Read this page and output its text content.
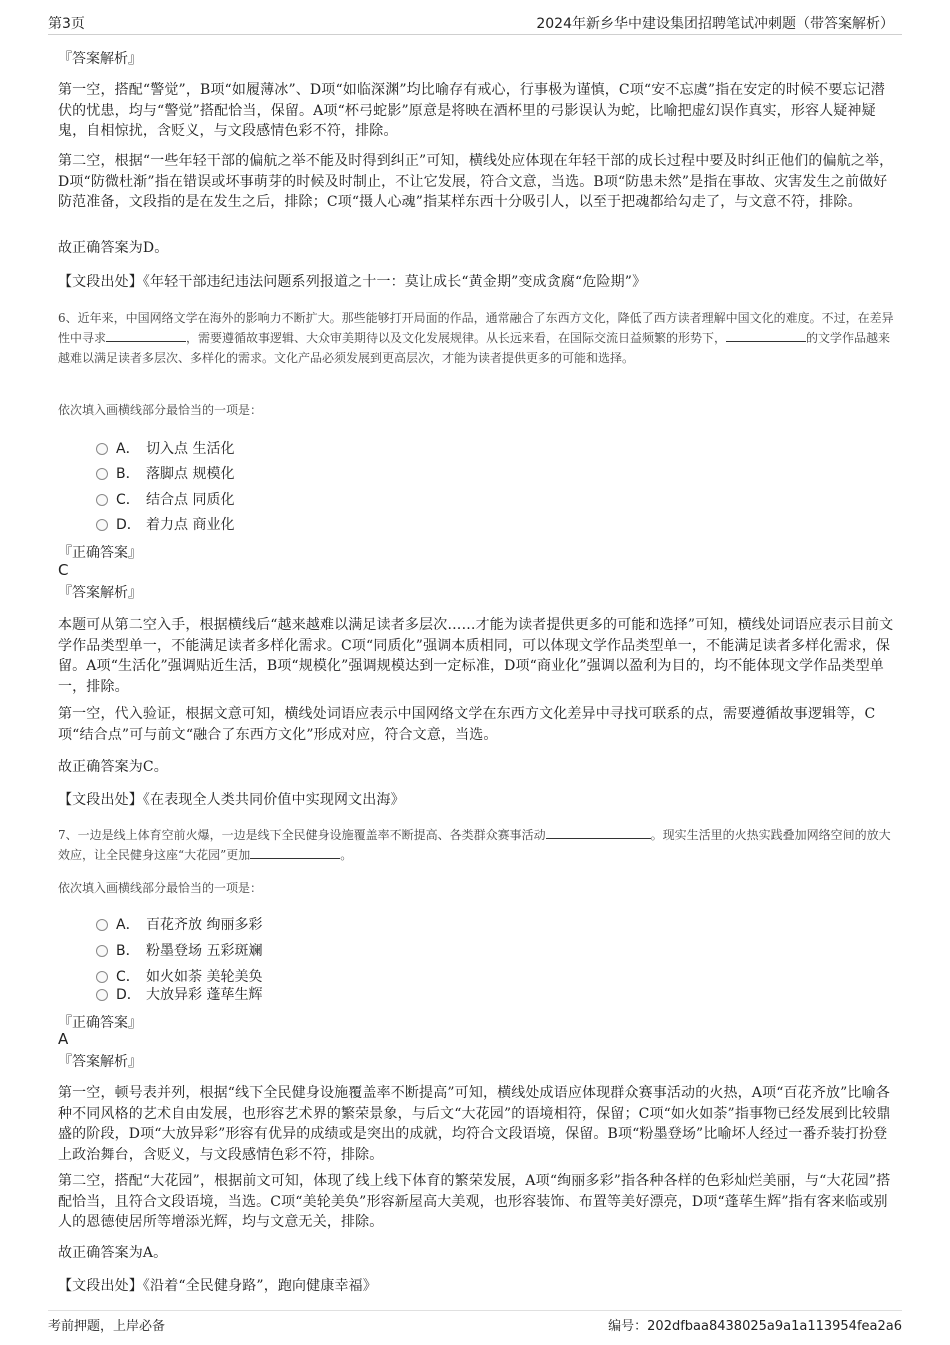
第3页	2024年新乡华中建设集团招聘笔试冲刺题（带答案解析）
『答案解析』
第一空，搭配“警觉”，B项“如履薄冰”、D项“如临深渊”均比喻存有戒心，行事极为谨慎，C项“安不忘虞”指在安定的时候不要忘记潜伏的忧患，均与“警觉”搭配恰当，保留。A项“杯弓蛇影”原意是将映在酒杯里的弓影误认为蛇，比喻把虚幻误作真实，形容人疑神疑鬼，自相惊扰，含贬义，与文段感情色彩不符，排除。
第二空，根据“一些年轻干部的偏航之举不能及时得到纠正”可知，横线处应体现在年轻干部的成长过程中要及时纠正他们的偏航之举，D项“防微杜渐”指在错误或坏事萌芽的时候及时制止，不让它发展，符合文意，当选。B项“防患未然”是指在事故、灾害发生之前做好防范准备，文段指的是在发生之后，排除；C项“摄人心魂”指某样东西十分吸引人，以至于把魂都给勾走了，与文意不符，排除。
故正确答案为D。
【文段出处】《年轻干部违纪违法问题系列报道之十一：莫让成长“黄金期”变成贪腐“危险期”》
6、近年来，中国网络文学在海外的影响力不断扩大。那些能够打开局面的作品，通常融合了东西方文化，降低了西方读者理解中国文化的难度。不过，在差异性中寻求	，需要遵循故事逻辑、大众审美期待以及文化发展规律。从长远来看，在国际交流日益频繁的形势下，	的文学作品越来越难以满足读者多层次、多样化的需求。文化产品必须发展到更高层次，才能为读者提供更多的可能和选择。
依次填入画横线部分最恰当的一项是：
A． 切入点 生活化
B． 落脚点 规模化
C． 结合点 同质化
D． 着力点 商业化
『正确答案』
C
『答案解析』
本题可从第二空入手，根据横线后“越来越难以满足读者多层次……才能为读者提供更多的可能和选择”可知，横线处词语应表示目前文学作品类型单一，不能满足读者多样化需求。C项“同质化”强调本质相同，可以体现文学作品类型单一，不能满足读者多样化需求，保留。A项“生活化”强调贴近生活，B项“规模化”强调规模达到一定标准，D项“商业化”强调以盈利为目的，均不能体现文学作品类型单一，排除。
第一空，代入验证，根据文意可知，横线处词语应表示中国网络文学在东西方文化差异中寻找可联系的点，需要遵循故事逻辑等，C项“结合点”可与前文“融合了东西方文化”形成对应，符合文意，当选。
故正确答案为C。
【文段出处】《在表现全人类共同价值中实现网文出海》
7、一边是线上体育空前火爆，一边是线下全民健身设施覆盖率不断提高、各类群众赛事活动	。现实生活里的火热实践叠加网络空间的放大效应，让全民健身这座“大花园”更加	。
依次填入画横线部分最恰当的一项是：
A． 百花齐放 绚丽多彩
B． 粉墨登场 五彩斑斓
C． 如火如荼 美轮美奂
D． 大放异彩 蓬荜生辉
『正确答案』
A
『答案解析』
第一空，顿号表并列，根据“线下全民健身设施覆盖率不断提高”可知，横线处成语应体现群众赛事活动的火热，A项“百花齐放”比喻各种不同风格的艺术自由发展，也形容艺术界的繁荣景象，与后文“大花园”的语境相符，保留；C项“如火如荼”指事物已经发展到比较鼎盛的阶段，D项“大放异彩”形容有优异的成绩或是突出的成就，均符合文段语境，保留。B项“粉墨登场”比喻坏人经过一番乔装打扮登上政治舞台，含贬义，与文段感情色彩不符，排除。
第二空，搭配“大花园”，根据前文可知，体现了线上线下体育的繁荣发展，A项“绚丽多彩”指各种各样的色彩灿烂美丽，与“大花园”搭配恰当，且符合文段语境，当选。C项“美轮美奂”形容新屋高大美观，也形容装饰、布置等美好漂亮，D项“蓬荜生辉”指有客来临或别人的恩德使居所等增添光辉，均与文意无关，排除。
故正确答案为A。
【文段出处】《沿着“全民健身路”，跑向健康幸福》
考前押题，上岸必备	编号：202dfbaa8438025a9a1a113954fea2a6
